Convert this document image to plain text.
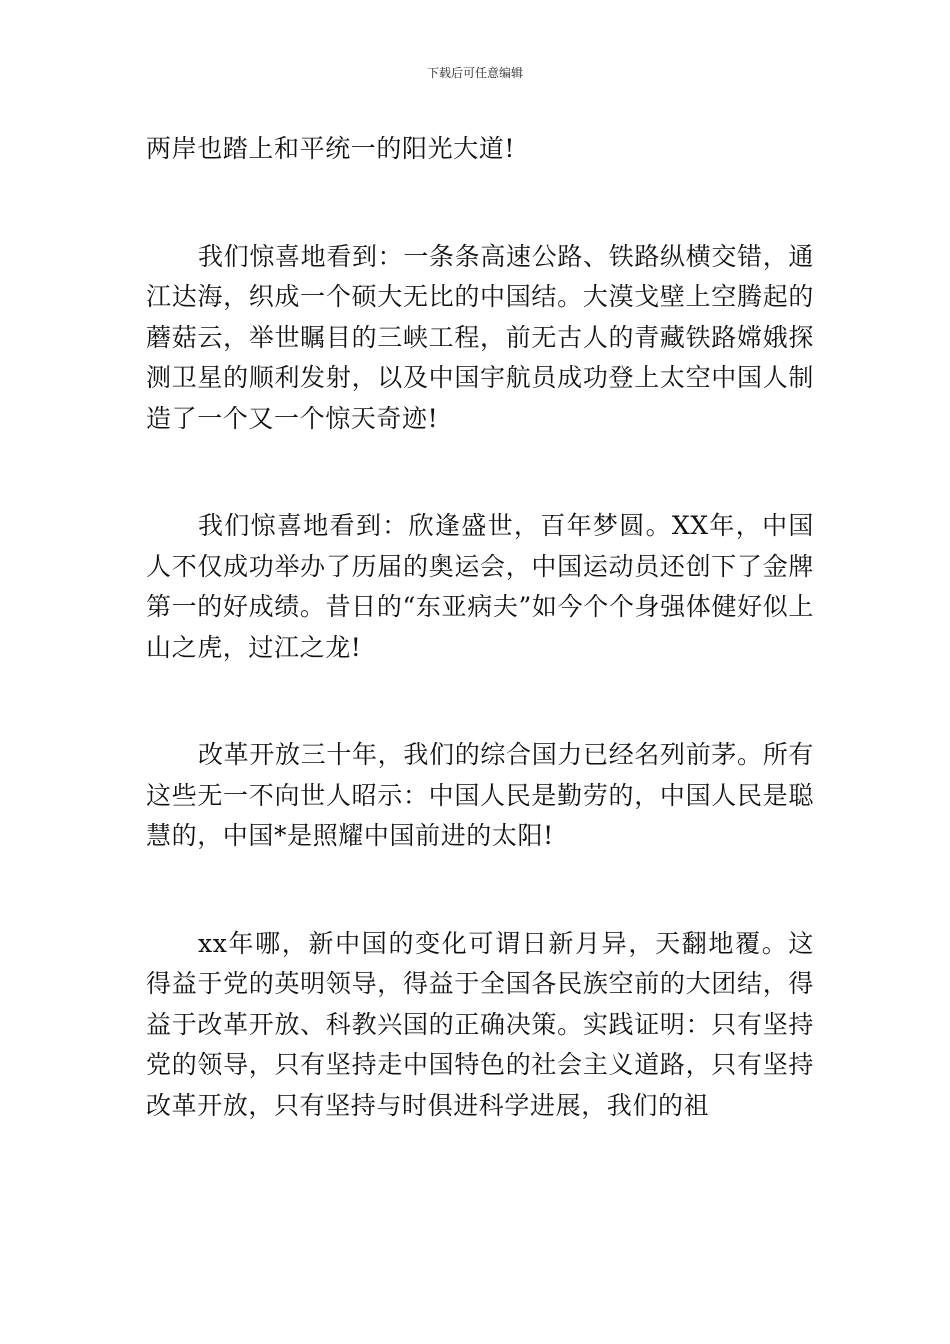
下载后可任意编辑

两岸也踏上和平统一的阳光大道!

我们惊喜地看到：一条条高速公路、铁路纵横交错，通江达海，织成一个硕大无比的中国结。大漠戈壁上空腾起的蘑菇云，举世瞩目的三峡工程，前无古人的青藏铁路嫦娥探测卫星的顺利发射，以及中国宇航员成功登上太空中国人制造了一个又一个惊天奇迹!

我们惊喜地看到：欣逢盛世，百年梦圆。XX年，中国人不仅成功举办了历届的奥运会，中国运动员还创下了金牌第一的好成绩。昔日的“东亚病夫”如今个个身强体健好似上山之虎，过江之龙!

改革开放三十年，我们的综合国力已经名列前茅。所有这些无一不向世人昭示：中国人民是勤劳的，中国人民是聪慧的，中国*是照耀中国前进的太阳!

xx年哪，新中国的变化可谓日新月异，天翻地覆。这得益于党的英明领导，得益于全国各民族空前的大团结，得益于改革开放、科教兴国的正确决策。实践证明：只有坚持党的领导，只有坚持走中国特色的社会主义道路，只有坚持改革开放，只有坚持与时俱进科学进展，我们的祖
